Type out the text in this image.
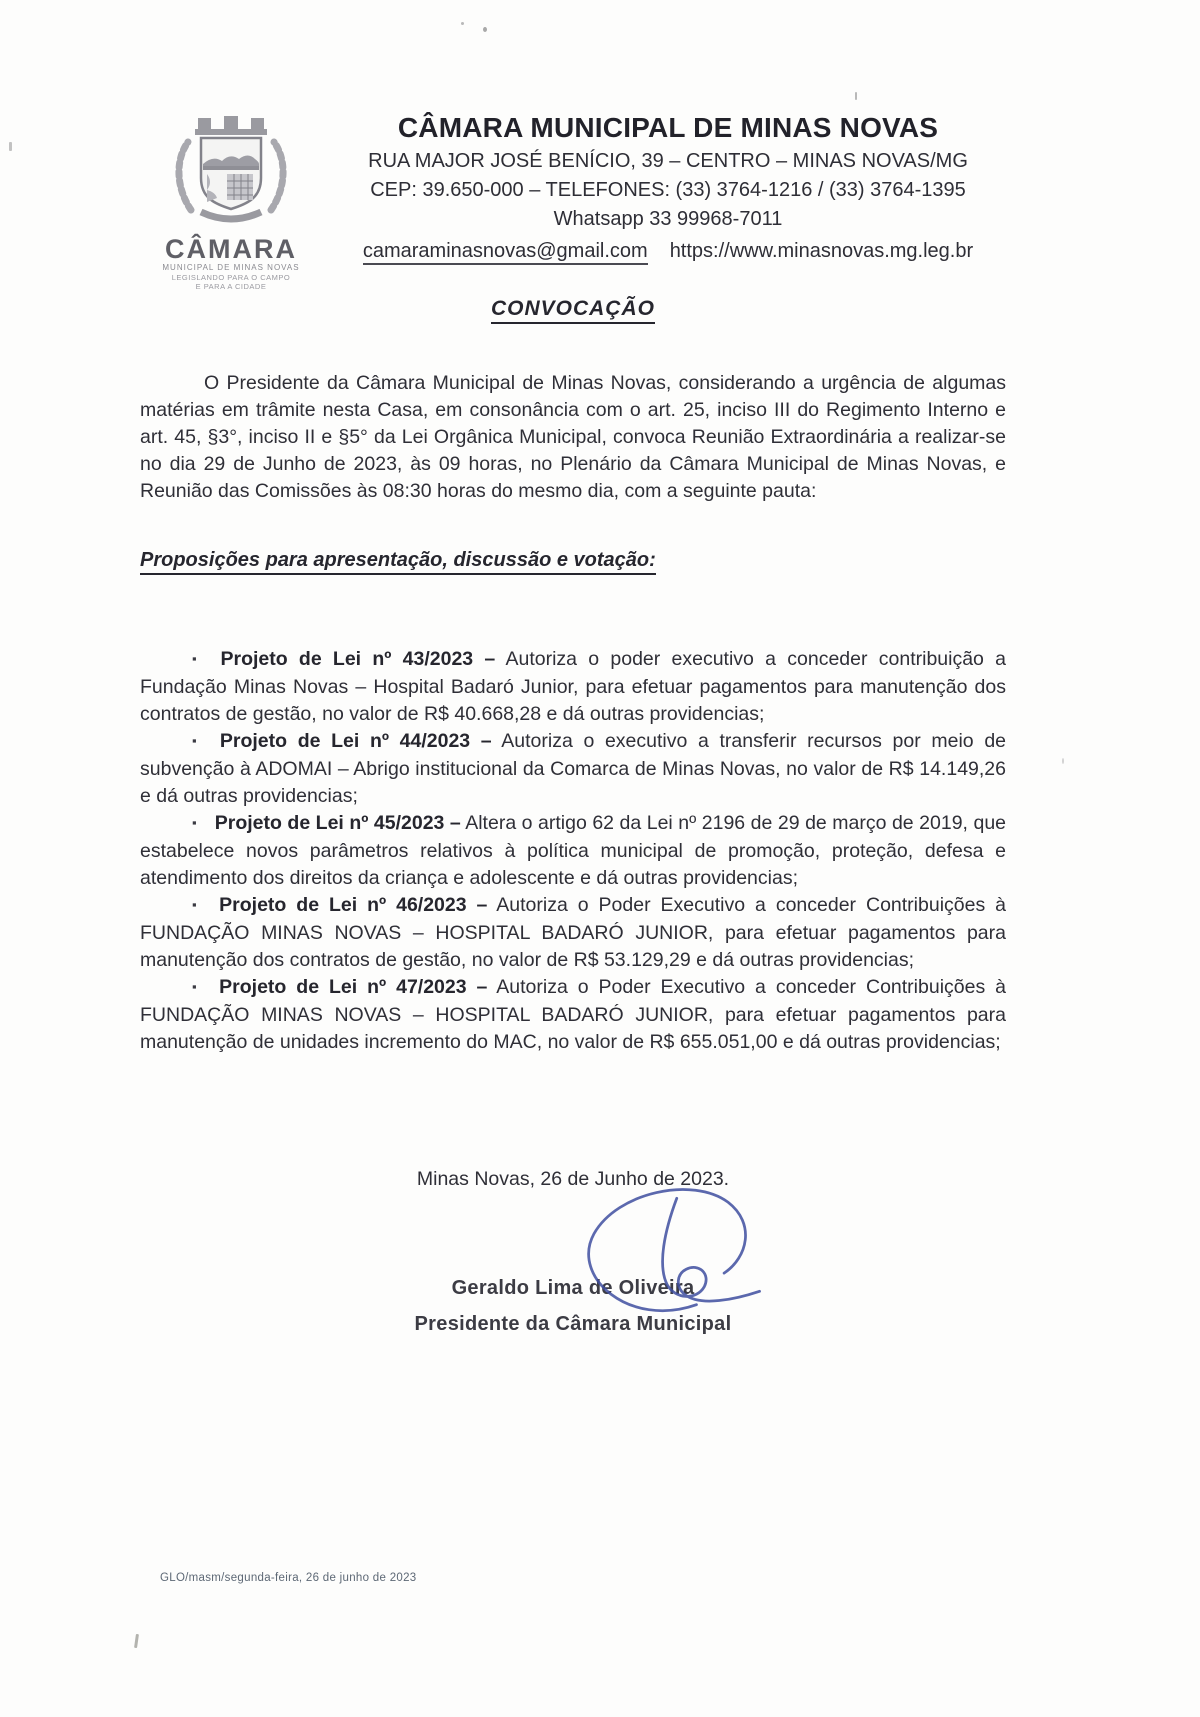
CÂMARA
MUNICIPAL DE MINAS NOVAS
LEGISLANDO PARA O CAMPO
E PARA A CIDADE
CÂMARA MUNICIPAL DE MINAS NOVAS
RUA MAJOR JOSÉ BENÍCIO, 39 – CENTRO – MINAS NOVAS/MG
CEP: 39.650-000 – TELEFONES: (33) 3764-1216 / (33) 3764-1395
Whatsapp 33 99968-7011
camaraminasnovas@gmail.com https://www.minasnovas.mg.leg.br
CONVOCAÇÃO

O Presidente da Câmara Municipal de Minas Novas, considerando a urgência de algumas matérias em trâmite nesta Casa, em consonância com o art. 25, inciso III do Regimento Interno e art. 45, §3°, inciso II e §5° da Lei Orgânica Municipal, convoca Reunião Extraordinária a realizar-se no dia 29 de Junho de 2023, às 09 horas, no Plenário da Câmara Municipal de Minas Novas, e Reunião das Comissões às 08:30 horas do mesmo dia, com a seguinte pauta:

Proposições para apresentação, discussão e votação:

▪ Projeto de Lei nº 43/2023 – Autoriza o poder executivo a conceder contribuição a Fundação Minas Novas – Hospital Badaró Junior, para efetuar pagamentos para manutenção dos contratos de gestão, no valor de R$ 40.668,28 e dá outras providencias;

▪ Projeto de Lei nº 44/2023 – Autoriza o executivo a transferir recursos por meio de subvenção à ADOMAI – Abrigo institucional da Comarca de Minas Novas, no valor de R$ 14.149,26 e dá outras providencias;

▪ Projeto de Lei nº 45/2023 – Altera o artigo 62 da Lei nº 2196 de 29 de março de 2019, que estabelece novos parâmetros relativos à política municipal de promoção, proteção, defesa e atendimento dos direitos da criança e adolescente e dá outras providencias;

▪ Projeto de Lei nº 46/2023 – Autoriza o Poder Executivo a conceder Contribuições à FUNDAÇÃO MINAS NOVAS – HOSPITAL BADARÓ JUNIOR, para efetuar pagamentos para manutenção dos contratos de gestão, no valor de R$ 53.129,29 e dá outras providencias;

▪ Projeto de Lei nº 47/2023 – Autoriza o Poder Executivo a conceder Contribuições à FUNDAÇÃO MINAS NOVAS – HOSPITAL BADARÓ JUNIOR, para efetuar pagamentos para manutenção de unidades incremento do MAC, no valor de R$ 655.051,00 e dá outras providencias;

Minas Novas, 26 de Junho de 2023.

Geraldo Lima de Oliveira

Presidente da Câmara Municipal

GLO/masm/segunda-feira, 26 de junho de 2023
